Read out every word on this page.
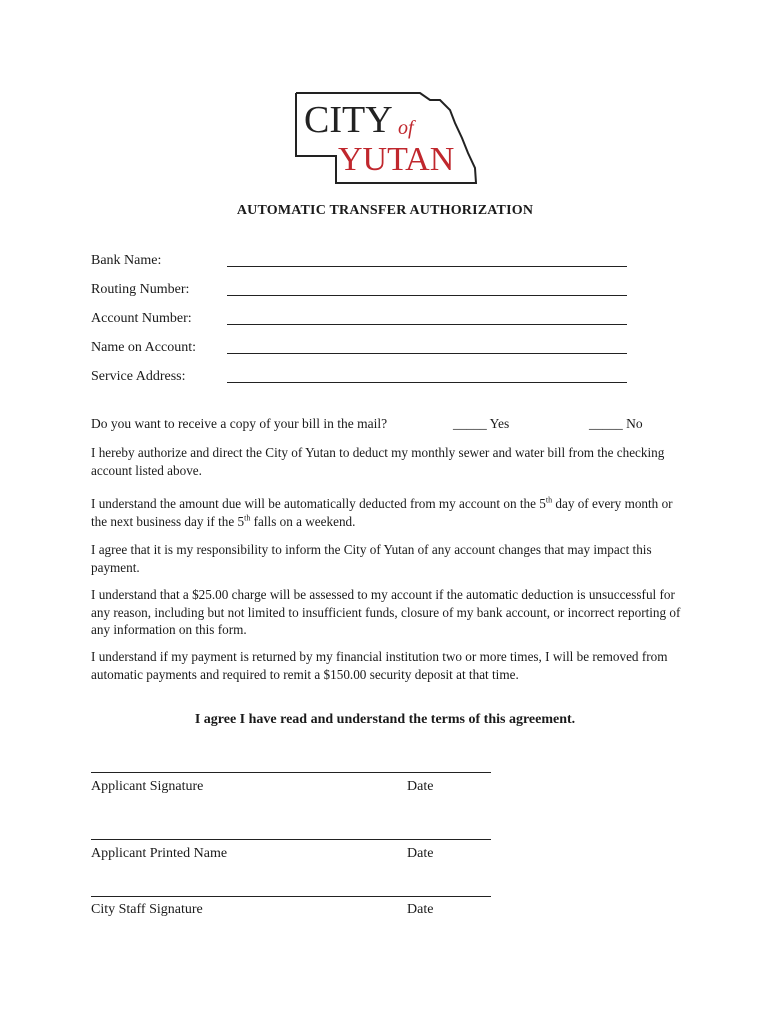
CITY of
YUTAN
AUTOMATIC TRANSFER AUTHORIZATION
Bank Name:
Routing Number:
Account Number:
Name on Account:
Service Address:
Do you want to receive a copy of your bill in the mail?	_____ Yes	_____ No
I hereby authorize and direct the City of Yutan to deduct my monthly sewer and water bill from the checking account listed above.
I understand the amount due will be automatically deducted from my account on the 5th day of every month or the next business day if the 5th falls on a weekend.
I agree that it is my responsibility to inform the City of Yutan of any account changes that may impact this payment.
I understand that a $25.00 charge will be assessed to my account if the automatic deduction is unsuccessful for any reason, including but not limited to insufficient funds, closure of my bank account, or incorrect reporting of any information on this form.
I understand if my payment is returned by my financial institution two or more times, I will be removed from automatic payments and required to remit a $150.00 security deposit at that time.
I agree I have read and understand the terms of this agreement.
Applicant Signature	Date
Applicant Printed Name	Date
City Staff Signature	Date
